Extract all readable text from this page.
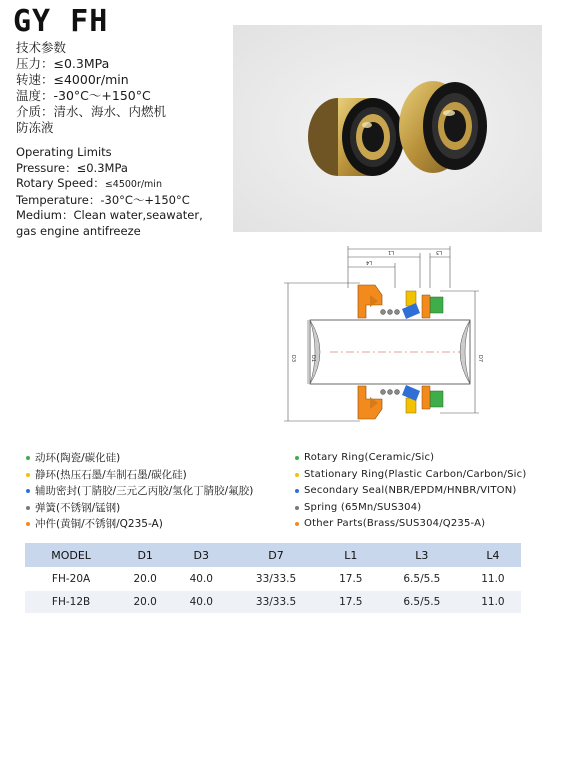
GY FH
技术参数
压力：≤0.3MPa
转速：≤4000r/min
温度：-30°C～+150°C
介质：清水、海水、内燃机
防冻液
Operating Limits
Pressure：≤0.3MPa
Rotary Speed：≤4500r/min
Temperature：-30°C～+150°C
Medium：Clean water,seawater,
gas engine antifreeze
L1	L3
L4
D3	D1	D7
动环(陶瓷/碳化硅)
静环(热压石墨/车制石墨/碳化硅)
辅助密封(丁腈胶/三元乙丙胶/氢化丁腈胶/氟胶)
弹簧(不锈钢/锰钢)
冲件(黄铜/不锈钢/Q235-A)
Rotary Ring(Ceramic/Sic)
Stationary Ring(Plastic Carbon/Carbon/Sic)
Secondary Seal(NBR/EPDM/HNBR/VITON)
Spring (65Mn/SUS304)
Other Parts(Brass/SUS304/Q235-A)
MODEL	D1	D3	D7	L1	L3	L4
FH-20A	20.0	40.0	33/33.5	17.5	6.5/5.5	11.0
FH-12B	20.0	40.0	33/33.5	17.5	6.5/5.5	11.0
